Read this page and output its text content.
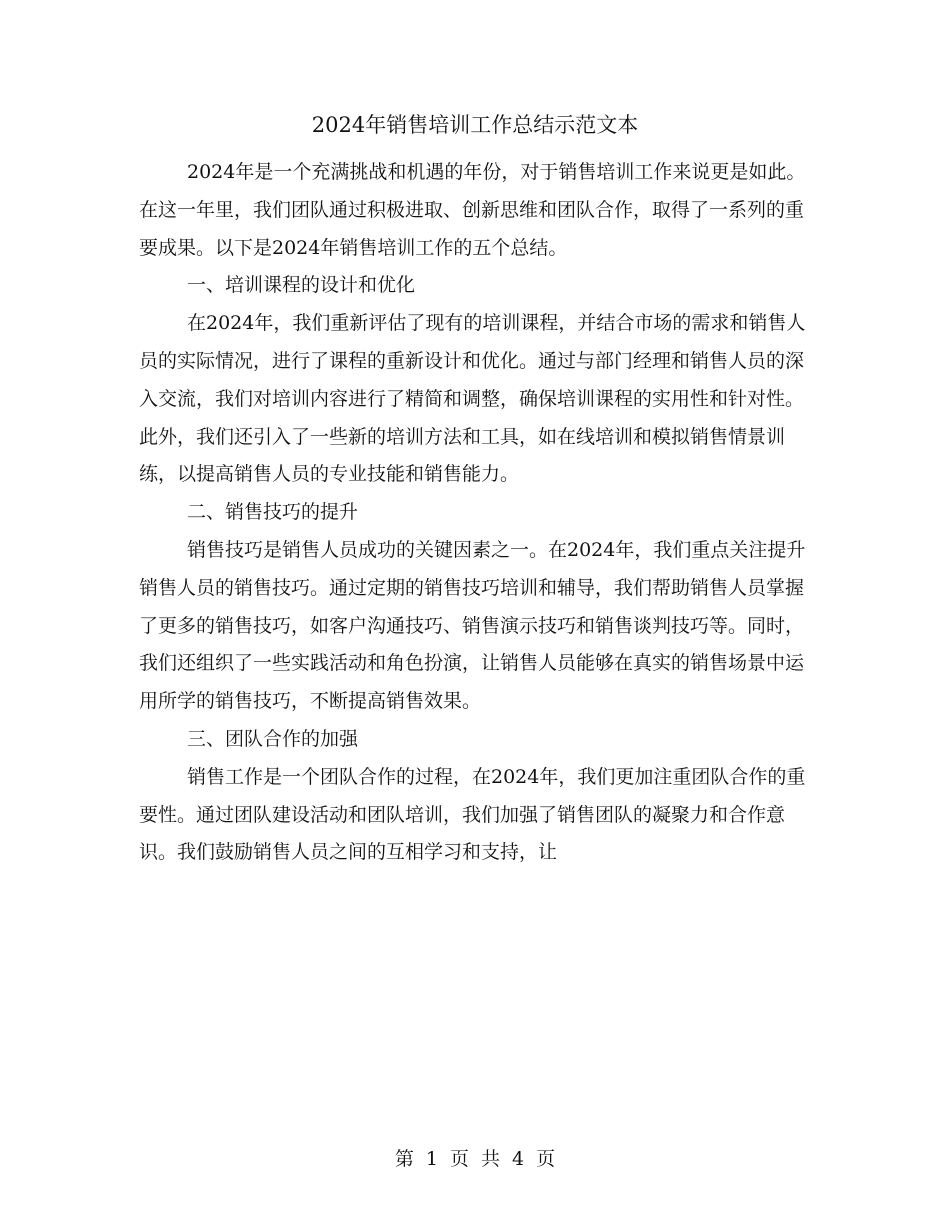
2024年销售培训工作总结示范文本

2024年是一个充满挑战和机遇的年份，对于销售培训工作来说更是如此。在这一年里，我们团队通过积极进取、创新思维和团队合作，取得了一系列的重要成果。以下是2024年销售培训工作的五个总结。

一、培训课程的设计和优化

在2024年，我们重新评估了现有的培训课程，并结合市场的需求和销售人员的实际情况，进行了课程的重新设计和优化。通过与部门经理和销售人员的深入交流，我们对培训内容进行了精简和调整，确保培训课程的实用性和针对性。此外，我们还引入了一些新的培训方法和工具，如在线培训和模拟销售情景训练，以提高销售人员的专业技能和销售能力。

二、销售技巧的提升

销售技巧是销售人员成功的关键因素之一。在2024年，我们重点关注提升销售人员的销售技巧。通过定期的销售技巧培训和辅导，我们帮助销售人员掌握了更多的销售技巧，如客户沟通技巧、销售演示技巧和销售谈判技巧等。同时，我们还组织了一些实践活动和角色扮演，让销售人员能够在真实的销售场景中运用所学的销售技巧，不断提高销售效果。

三、团队合作的加强

销售工作是一个团队合作的过程，在2024年，我们更加注重团队合作的重要性。通过团队建设活动和团队培训，我们加强了销售团队的凝聚力和合作意识。我们鼓励销售人员之间的互相学习和支持，让

第 1 页 共 4 页
